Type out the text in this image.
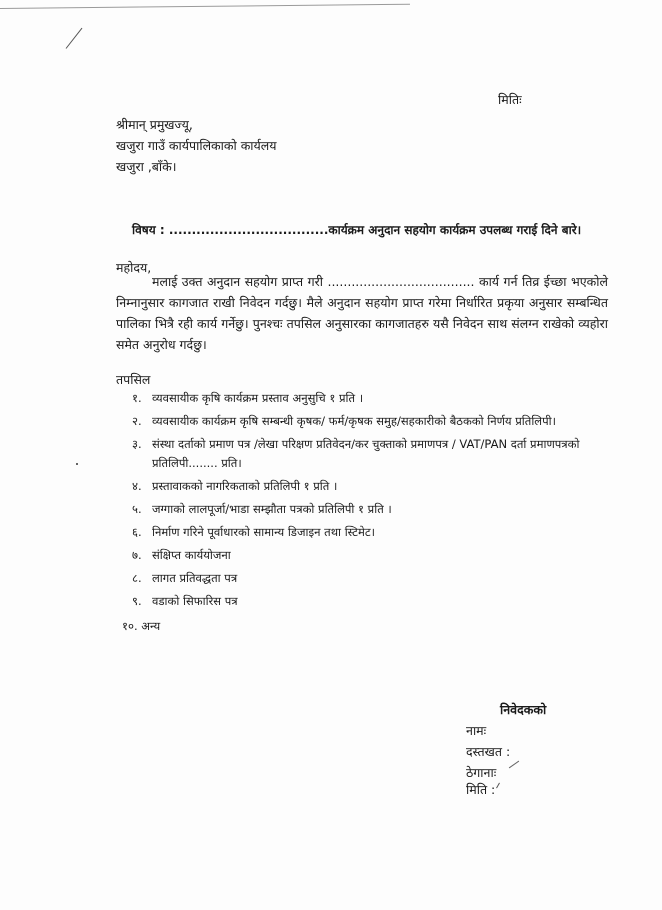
मितिः
श्रीमान् प्रमुखज्यू,
खजुरा गाउँ कार्यपालिकाको कार्यलय
खजुरा ,बाँके।
विषय : ...................................कार्यक्रम अनुदान सहयोग कार्यक्रम उपलब्ध गराई दिने बारे।
महोदय,
मलाई उक्त अनुदान सहयोग प्राप्त गरी ..................................... कार्य गर्न तिव्र ईच्छा भएकोले निम्नानुसार कागजात राखी निवेदन गर्दछु। मैले अनुदान सहयोग प्राप्त गरेमा निर्धारित प्रकृया अनुसार सम्बन्धित पालिका भित्रै रही कार्य गर्नेछु। पुनश्चः तपसिल अनुसारका कागजातहरु यसै निवेदन साथ संलग्न राखेको व्यहोरा समेत अनुरोध गर्दछु।
तपसिल
१. व्यवसायीक कृषि कार्यक्रम प्रस्ताव अनुसुचि १ प्रति ।
२. व्यवसायीक कार्यक्रम कृषि सम्बन्धी कृषक/ फर्म/कृषक समुह/सहकारीको बैठकको निर्णय प्रतिलिपी।
३. संस्था दर्ताको प्रमाण पत्र /लेखा परिक्षण प्रतिवेदन/कर चुक्ताको प्रमाणपत्र / VAT/PAN दर्ता प्रमाणपत्रको प्रतिलिपी........ प्रति।
४. प्रस्तावाकको नागरिकताको प्रतिलिपी १ प्रति ।
५. जग्गाको लालपूर्जा/भाडा सम्झौता पत्रको प्रतिलिपी १ प्रति ।
६. निर्माण गरिने पूर्वाधारको सामान्य डिजाइन तथा स्टिमेट।
७. संक्षिप्त कार्ययोजना
८. लागत प्रतिवद्धता पत्र
९. वडाको सिफारिस पत्र
१०. अन्य
निवेदकको
नामः
दस्तखत :
ठेगानाः
मिति :
